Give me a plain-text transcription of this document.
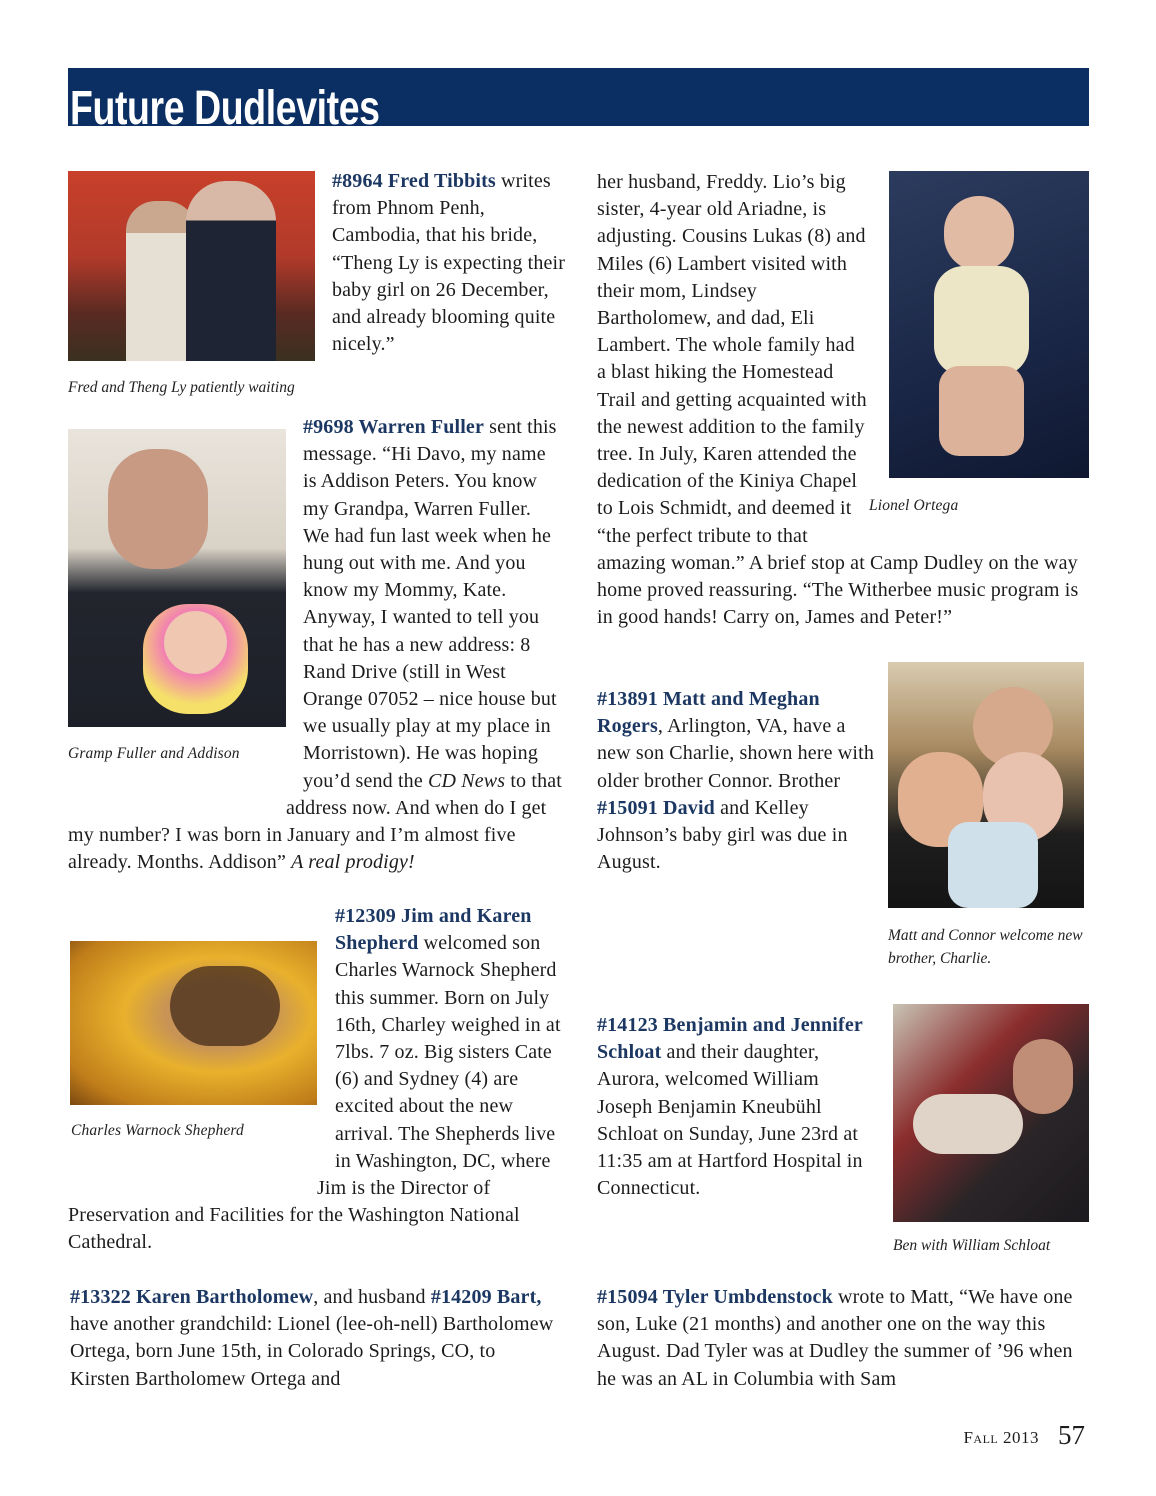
Future Dudlevites

#8964 Fred Tibbits writes from Phnom Penh, Cambodia, that his bride, “Theng Ly is expecting their baby girl on 26 December, and already blooming quite nicely.”

Fred and Theng Ly patiently waiting

Gramp Fuller and Addison

#9698 Warren Fuller sent this message. “Hi Davo, my name is Addison Peters. You know my Grandpa, Warren Fuller. We had fun last week when he hung out with me. And you know my Mommy, Kate. Anyway, I wanted to tell you that he has a new address: 8 Rand Drive (still in West Orange 07052 – nice house but we usually play at my place in Morristown). He was hoping you’d send the CD News to that address now. And when do I get my number? I was born in January and I’m almost five already. Months. Addison” A real prodigy!

Charles Warnock Shepherd

#12309 Jim and Karen Shepherd welcomed son Charles Warnock Shepherd this summer. Born on July 16th, Charley weighed in at 7lbs. 7 oz. Big sisters Cate (6) and Sydney (4) are excited about the new arrival. The Shepherds live in Washington, DC, where Jim is the Director of Preservation and Facilities for the Washington National Cathedral.

#13322 Karen Bartholomew, and husband #14209 Bart, have another grandchild: Lionel (lee-oh-nell) Bartholomew Ortega, born June 15th, in Colorado Springs, CO, to Kirsten Bartholomew Ortega and

Lionel Ortega

her husband, Freddy. Lio’s big sister, 4-year old Ariadne, is adjusting. Cousins Lukas (8) and Miles (6) Lambert visited with their mom, Lindsey Bartholomew, and dad, Eli Lambert. The whole family had a blast hiking the Homestead Trail and getting acquainted with the newest addition to the family tree. In July, Karen attended the dedication of the Kiniya Chapel to Lois Schmidt, and deemed it “the perfect tribute to that amazing woman.” A brief stop at Camp Dudley on the way home proved reassuring. “The Witherbee music program is in good hands! Carry on, James and Peter!”

#13891 Matt and Meghan Rogers, Arlington, VA, have a new son Charlie, shown here with older brother Connor. Brother #15091 David and Kelley Johnson’s baby girl was due in August.

Matt and Connor welcome new brother, Charlie.

#14123 Benjamin and Jennifer Schloat and their daughter, Aurora, welcomed William Joseph Benjamin Kneubühl Schloat on Sunday, June 23rd at 11:35 am at Hartford Hospital in Connecticut.

Ben with William Schloat

#15094 Tyler Umbdenstock wrote to Matt, “We have one son, Luke (21 months) and another one on the way this August. Dad Tyler was at Dudley the summer of ’96 when he was an AL in Columbia with Sam

Fall 2013 57
